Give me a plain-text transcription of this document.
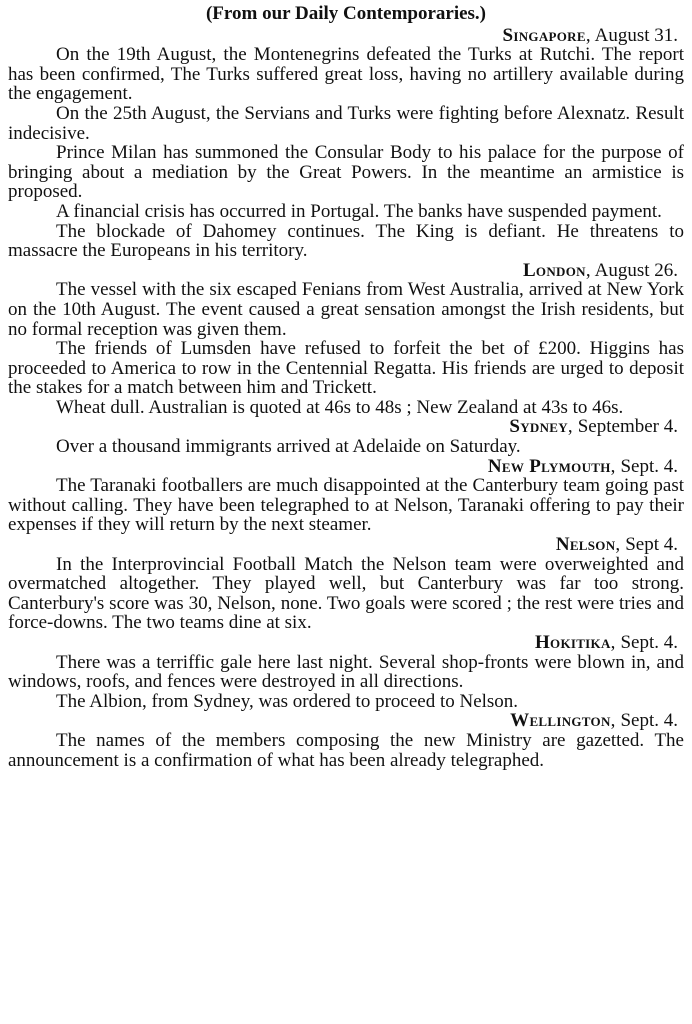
(From our Daily Contemporaries.)

Singapore , August 31.

On the 19th August, the Montenegrins defeated the Turks at Rutchi. The report has been confirmed, The Turks suffered great loss, having no artillery available during the engagement.

On the 25th August, the Servians and Turks were fighting before Alexnatz. Result indecisive.

Prince Milan has summoned the Consular Body to his palace for the purpose of bringing about a mediation by the Great Powers. In the meantime an armistice is proposed.

A financial crisis has occurred in Portugal. The banks have suspended payment.

The blockade of Dahomey continues. The King is defiant. He threatens to massacre the Europeans in his territory.

London , August 26.

The vessel with the six escaped Fenians from West Australia, arrived at New York on the 10th August. The event caused a great sensation amongst the Irish residents, but no formal reception was given them.

The friends of Lumsden have refused to forfeit the bet of £200. Higgins has proceeded to America to row in the Centennial Regatta. His friends are urged to deposit the stakes for a match between him and Trickett.

Wheat dull. Australian is quoted at 46s to 48s ; New Zealand at 43s to 46s.

Sydney , September 4.

Over a thousand immigrants arrived at Adelaide on Saturday.

New Plymouth , Sept. 4.

The Taranaki footballers are much disappointed at the Canterbury team going past without calling. They have been telegraphed to at Nelson, Taranaki offering to pay their expenses if they will return by the next steamer.

Nelson , Sept 4.

In the Interprovincial Football Match the Nelson team were overweighted and overmatched altogether. They played well, but Canterbury was far too strong. Canterbury's score was 30, Nelson, none. Two goals were scored ; the rest were tries and force-downs. The two teams dine at six.

Hokitika , Sept. 4.

There was a terriffic gale here last night. Several shop-fronts were blown in, and windows, roofs, and fences were destroyed in all directions.

The Albion, from Sydney, was ordered to proceed to Nelson.

Wellington , Sept. 4.

The names of the members composing the new Ministry are gazetted. The announcement is a confirmation of what has been already telegraphed.
